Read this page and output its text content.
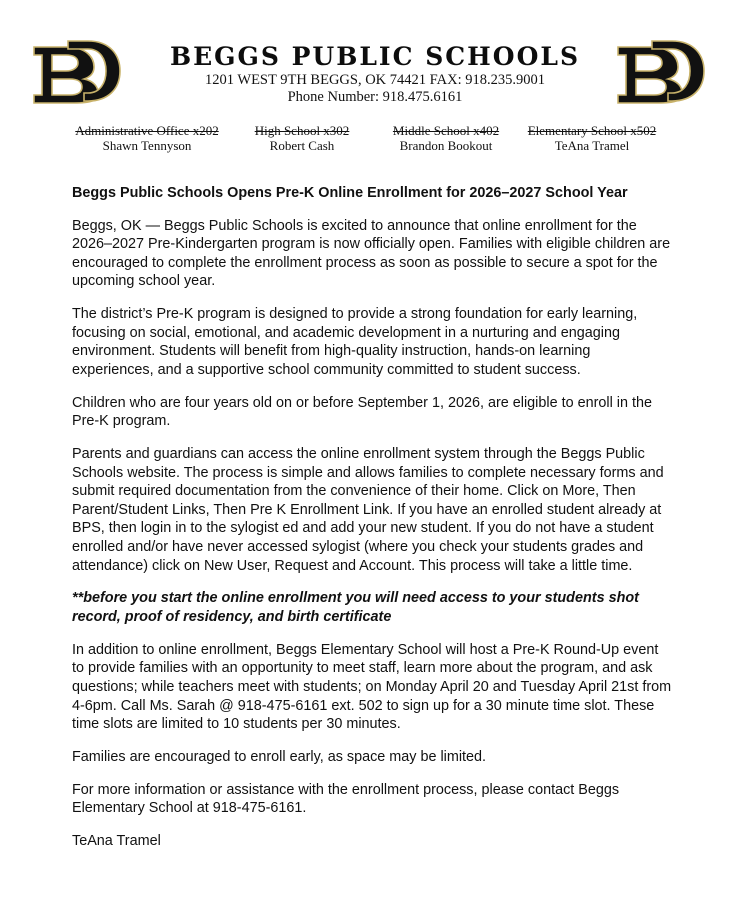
BEGGS PUBLIC SCHOOLS
1201 WEST 9TH BEGGS, OK 74421 FAX: 918.235.9001
Phone Number: 918.475.6161
Administrative Office x202
Shawn Tennyson
High School x302
Robert Cash
Middle School x402
Brandon Bookout
Elementary School x502
TeAna Tramel
Beggs Public Schools Opens Pre-K Online Enrollment for 2026–2027 School Year

Beggs, OK — Beggs Public Schools is excited to announce that online enrollment for the 2026–2027 Pre-Kindergarten program is now officially open. Families with eligible children are encouraged to complete the enrollment process as soon as possible to secure a spot for the upcoming school year.

The district’s Pre-K program is designed to provide a strong foundation for early learning, focusing on social, emotional, and academic development in a nurturing and engaging environment. Students will benefit from high-quality instruction, hands-on learning experiences, and a supportive school community committed to student success.

Children who are four years old on or before September 1, 2026, are eligible to enroll in the Pre-K program.

Parents and guardians can access the online enrollment system through the Beggs Public Schools website. The process is simple and allows families to complete necessary forms and submit required documentation from the convenience of their home. Click on More, Then Parent/Student Links, Then Pre K Enrollment Link. If you have an enrolled student already at BPS, then login in to the sylogist ed and add your new student. If you do not have a student enrolled and/or have never accessed sylogist (where you check your students grades and attendance) click on New User, Request and Account. This process will take a little time.

**before you start the online enrollment you will need access to your students shot record, proof of residency, and birth certificate

In addition to online enrollment, Beggs Elementary School will host a Pre-K Round-Up event to provide families with an opportunity to meet staff, learn more about the program, and ask questions; while teachers meet with students; on Monday April 20 and Tuesday April 21st from 4-6pm. Call Ms. Sarah @ 918-475-6161 ext. 502 to sign up for a 30 minute time slot. These time slots are limited to 10 students per 30 minutes.

Families are encouraged to enroll early, as space may be limited.

For more information or assistance with the enrollment process, please contact Beggs Elementary School at 918-475-6161.

TeAna Tramel
